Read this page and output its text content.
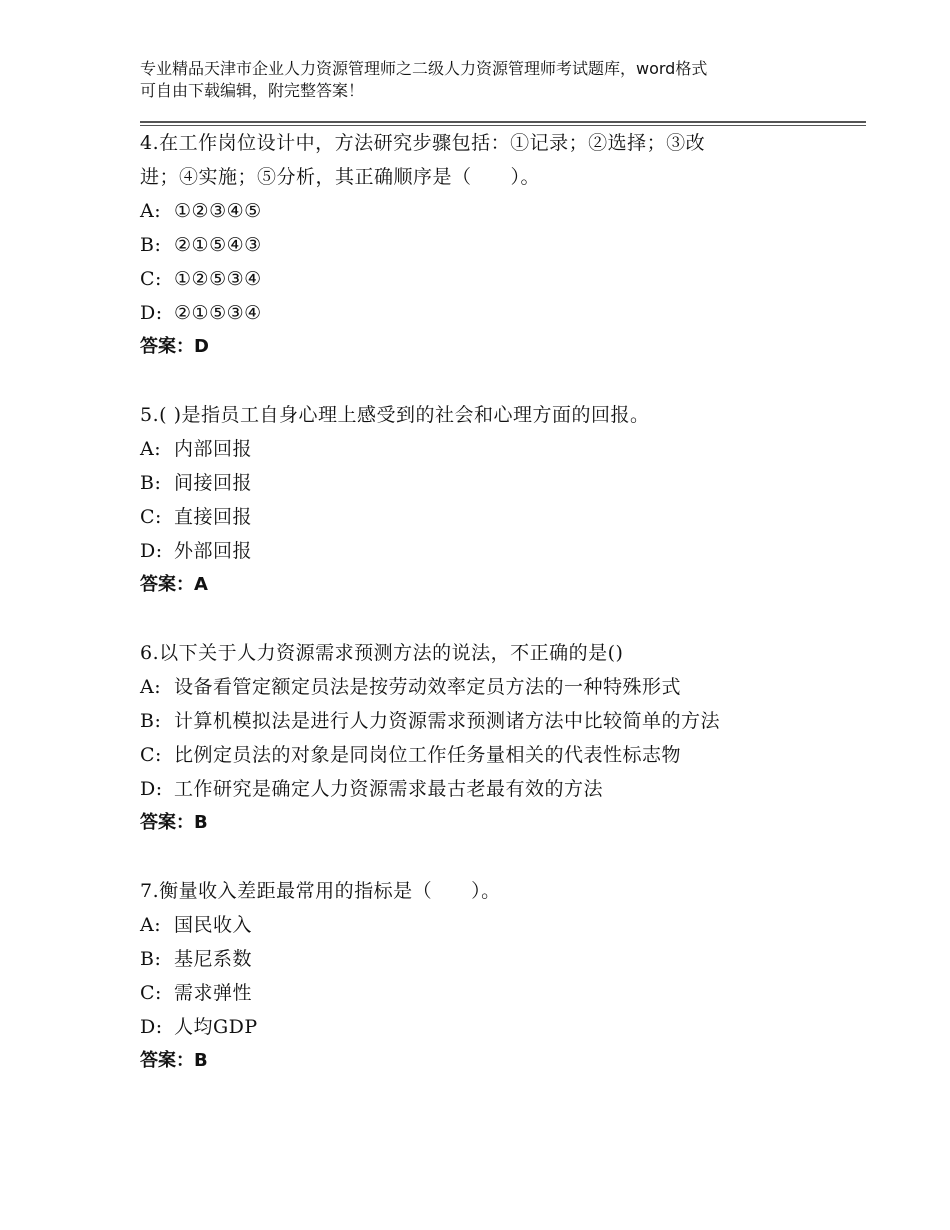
专业精品天津市企业人力资源管理师之二级人力资源管理师考试题库，word格式
可自由下载编辑，附完整答案！
4.在工作岗位设计中，方法研究步骤包括：①记录；②选择；③改
进；④实施；⑤分析，其正确顺序是（　　）。
A: ①②③④⑤
B: ②①⑤④③
C: ①②⑤③④
D: ②①⑤③④
答案：D
5.( )是指员工自身心理上感受到的社会和心理方面的回报。
A: 内部回报
B: 间接回报
C: 直接回报
D: 外部回报
答案：A
6.以下关于人力资源需求预测方法的说法，不正确的是()
A: 设备看管定额定员法是按劳动效率定员方法的一种特殊形式
B: 计算机模拟法是进行人力资源需求预测诸方法中比较简单的方法
C: 比例定员法的对象是同岗位工作任务量相关的代表性标志物
D: 工作研究是确定人力资源需求最古老最有效的方法
答案：B
7.衡量收入差距最常用的指标是（　　）。
A: 国民收入
B: 基尼系数
C: 需求弹性
D: 人均GDP
答案：B
